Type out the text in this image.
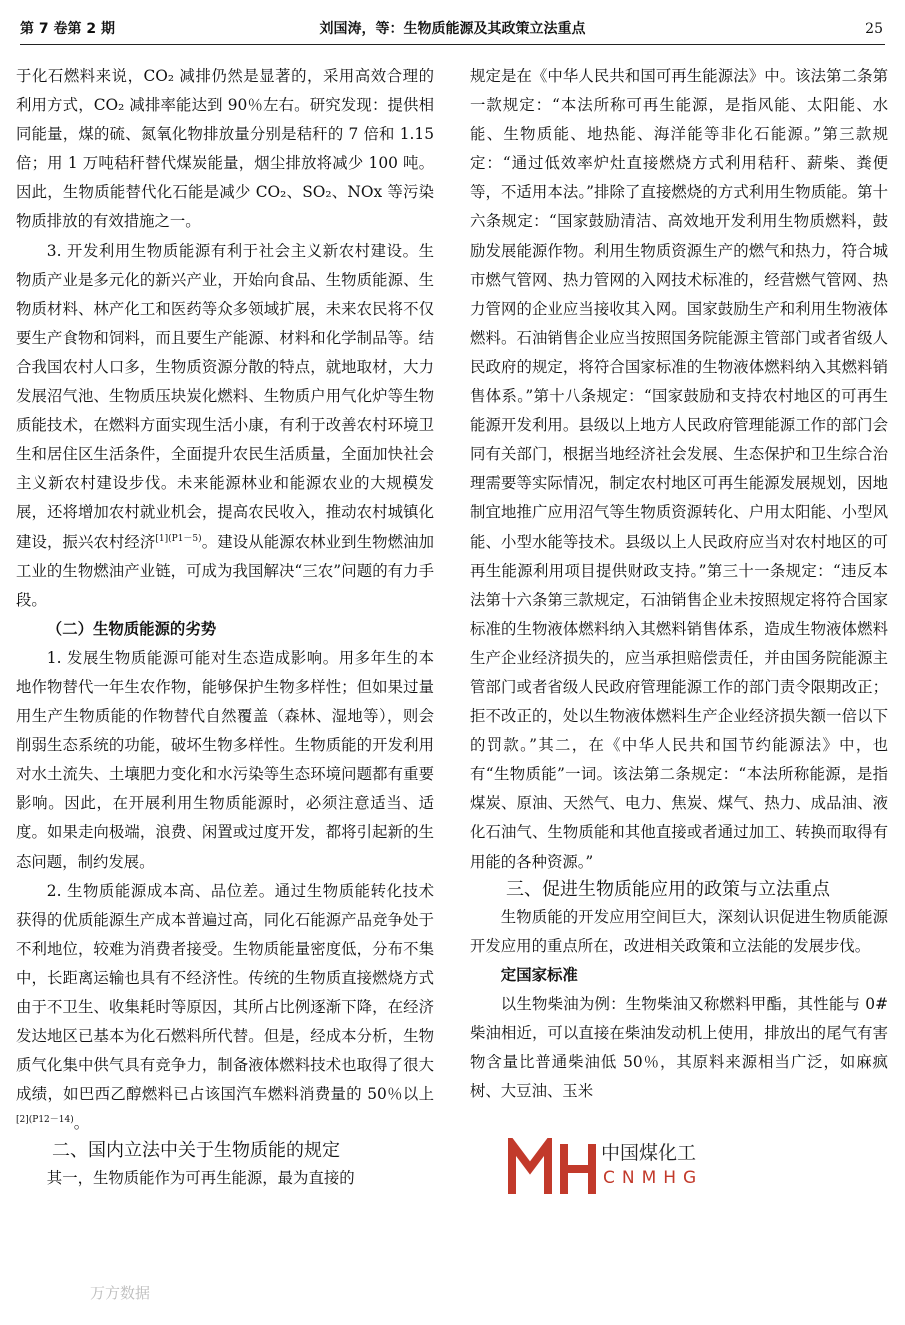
第 7 卷第 2 期	刘国涛，等：生物质能源及其政策立法重点	25

于化石燃料来说，CO₂ 减排仍然是显著的，采用高效合理的利用方式，CO₂ 减排率能达到 90％左右。研究发现：提供相同能量，煤的硫、氮氧化物排放量分别是秸秆的 7 倍和 1.15 倍；用 1 万吨秸秆替代煤炭能量，烟尘排放将减少 100 吨。因此，生物质能替代化石能是减少 CO₂、SO₂、NOx 等污染物质排放的有效措施之一。

3. 开发利用生物质能源有利于社会主义新农村建设。生物质产业是多元化的新兴产业，开始向食品、生物质能源、生物质材料、林产化工和医药等众多领域扩展，未来农民将不仅要生产食物和饲料，而且要生产能源、材料和化学制品等。结合我国农村人口多，生物质资源分散的特点，就地取材，大力发展沼气池、生物质压块炭化燃料、生物质户用气化炉等生物质能技术，在燃料方面实现生活小康，有利于改善农村环境卫生和居住区生活条件，全面提升农民生活质量，全面加快社会主义新农村建设步伐。未来能源林业和能源农业的大规模发展，还将增加农村就业机会，提高农民收入，推动农村城镇化建设，振兴农村经济$^{[1](P1-5)}$。建设从能源农林业到生物燃油加工业的生物燃油产业链，可成为我国解决“三农”问题的有力手段。

（二）生物质能源的劣势

1. 发展生物质能源可能对生态造成影响。用多年生的本地作物替代一年生农作物，能够保护生物多样性；但如果过量用生产生物质能的作物替代自然覆盖（森林、湿地等），则会削弱生态系统的功能，破坏生物多样性。生物质能的开发利用对水土流失、土壤肥力变化和水污染等生态环境问题都有重要影响。因此，在开展利用生物质能源时，必须注意适当、适度。如果走向极端，浪费、闲置或过度开发，都将引起新的生态问题，制约发展。

2. 生物质能源成本高、品位差。通过生物质能转化技术获得的优质能源生产成本普遍过高，同化石能源产品竞争处于不利地位，较难为消费者接受。生物质能量密度低，分布不集中，长距离运输也具有不经济性。传统的生物质直接燃烧方式由于不卫生、收集耗时等原因，其所占比例逐渐下降，在经济发达地区已基本为化石燃料所代替。但是，经成本分析，生物质气化集中供气具有竞争力，制备液体燃料技术也取得了很大成绩，如巴西乙醇燃料已占该国汽车燃料消费量的 50％以上$^{[2](P12-14)}$。

二、国内立法中关于生物质能的规定

其一，生物质能作为可再生能源，最为直接的

规定是在《中华人民共和国可再生能源法》中。该法第二条第一款规定：“本法所称可再生能源，是指风能、太阳能、水能、生物质能、地热能、海洋能等非化石能源。”第三款规定：“通过低效率炉灶直接燃烧方式利用秸秆、薪柴、粪便等，不适用本法。”排除了直接燃烧的方式利用生物质能。第十六条规定：“国家鼓励清洁、高效地开发利用生物质燃料，鼓励发展能源作物。利用生物质资源生产的燃气和热力，符合城市燃气管网、热力管网的入网技术标准的，经营燃气管网、热力管网的企业应当接收其入网。国家鼓励生产和利用生物液体燃料。石油销售企业应当按照国务院能源主管部门或者省级人民政府的规定，将符合国家标准的生物液体燃料纳入其燃料销售体系。”第十八条规定：“国家鼓励和支持农村地区的可再生能源开发利用。县级以上地方人民政府管理能源工作的部门会同有关部门，根据当地经济社会发展、生态保护和卫生综合治理需要等实际情况，制定农村地区可再生能源发展规划，因地制宜地推广应用沼气等生物质资源转化、户用太阳能、小型风能、小型水能等技术。县级以上人民政府应当对农村地区的可再生能源利用项目提供财政支持。”第三十一条规定：“违反本法第十六条第三款规定，石油销售企业未按照规定将符合国家标准的生物液体燃料纳入其燃料销售体系，造成生物液体燃料生产企业经济损失的，应当承担赔偿责任，并由国务院能源主管部门或者省级人民政府管理能源工作的部门责令限期改正；拒不改正的，处以生物液体燃料生产企业经济损失额一倍以下的罚款。”其二，在《中华人民共和国节约能源法》中，也有“生物质能”一词。该法第二条规定：“本法所称能源，是指煤炭、原油、天然气、电力、焦炭、煤气、热力、成品油、液化石油气、生物质能和其他直接或者通过加工、转换而取得有用能的各种资源。”

三、促进生物质能应用的政策与立法重点

生物质能的开发应用空间巨大，深刻认识促进生物质能源开发应用的重点所在，改进相关政策和立法能的发展步伐。

定国家标准

以生物柴油为例：生物柴油又称燃料甲酯，其性能与 0# 柴油相近，可以直接在柴油发动机上使用，排放出的尾气有害物含量比普通柴油低 50％，其原料来源相当广泛，如麻疯树、大豆油、玉米

中国煤化工
CNMHG
万方数据
